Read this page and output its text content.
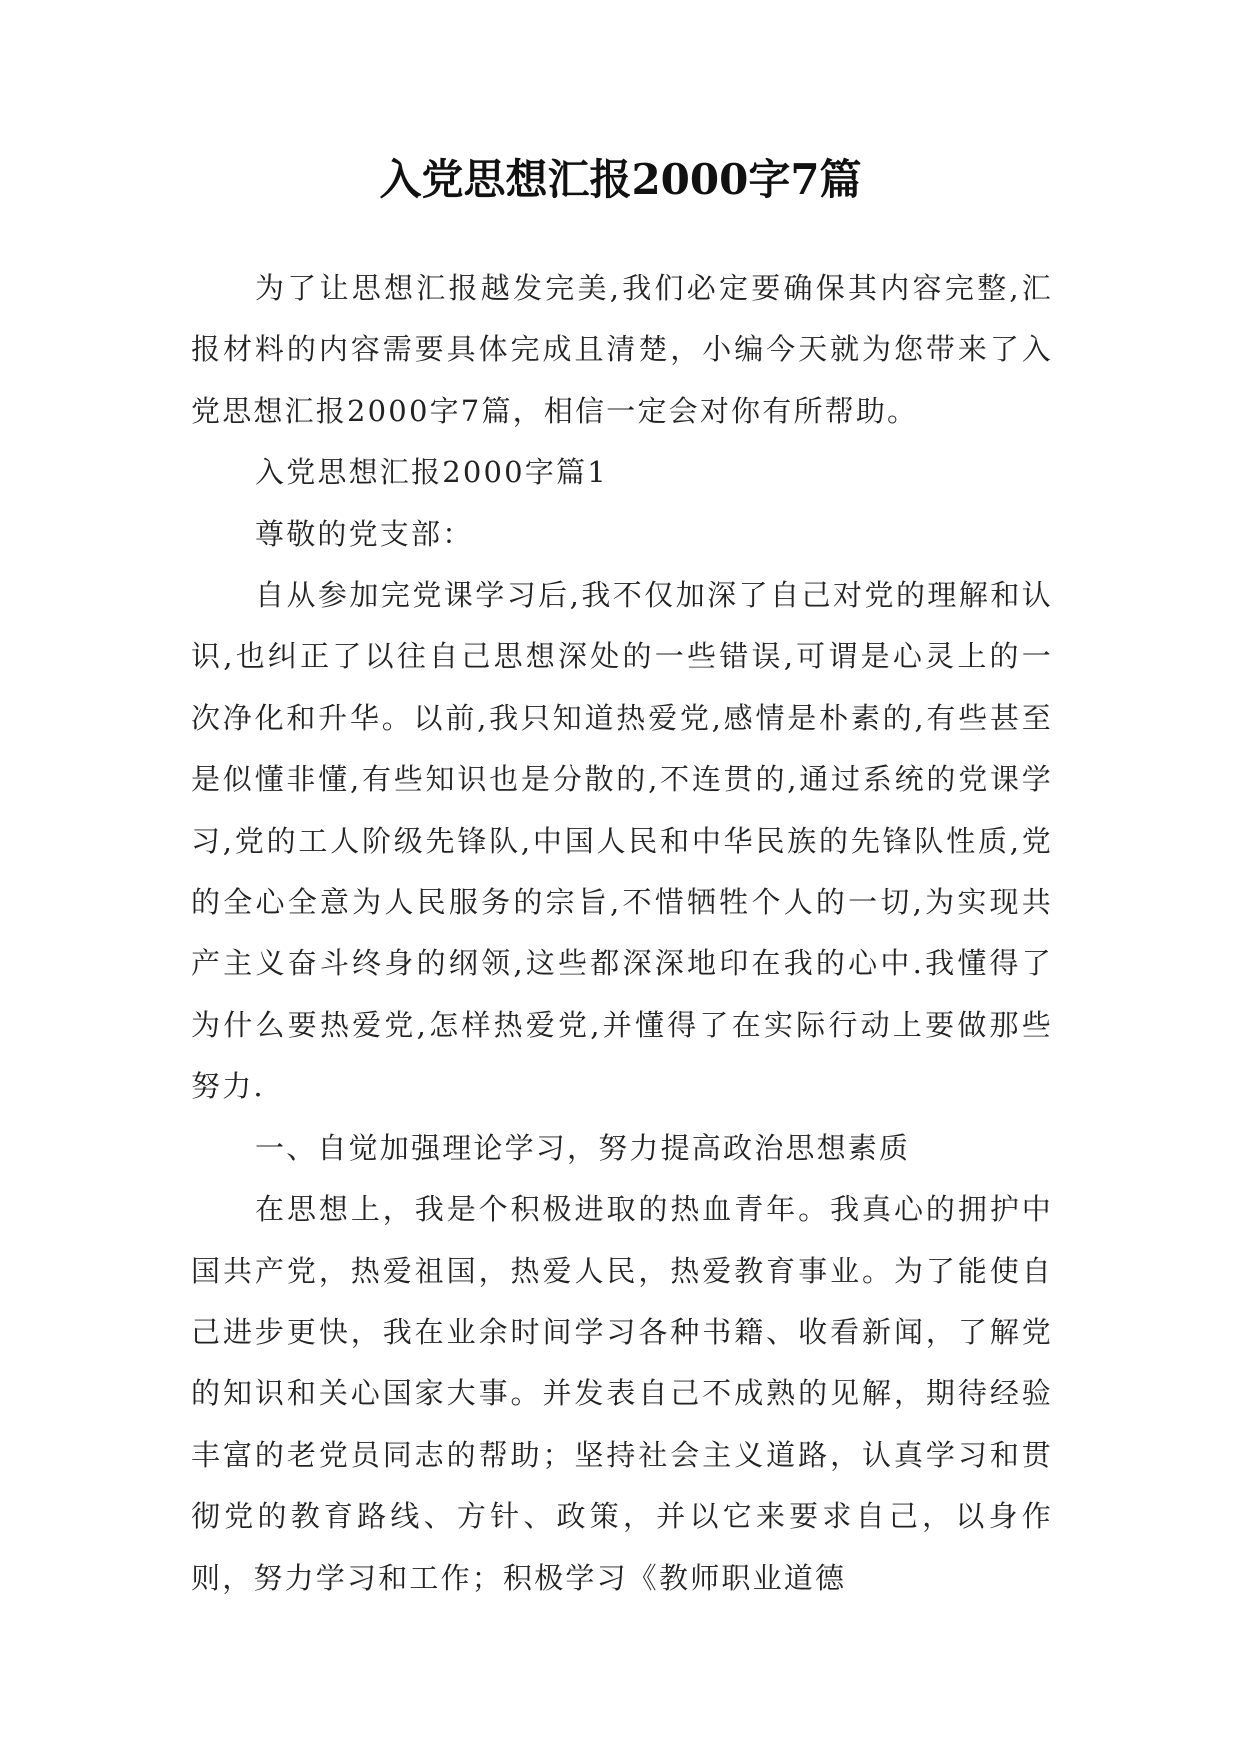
入党思想汇报2000字7篇

为了让思想汇报越发完美,我们必定要确保其内容完整,汇报材料的内容需要具体完成且清楚，小编今天就为您带来了入党思想汇报2000字7篇，相信一定会对你有所帮助。

入党思想汇报2000字篇1

尊敬的党支部：

自从参加完党课学习后,我不仅加深了自己对党的理解和认识,也纠正了以往自己思想深处的一些错误,可谓是心灵上的一次净化和升华。以前,我只知道热爱党,感情是朴素的,有些甚至是似懂非懂,有些知识也是分散的,不连贯的,通过系统的党课学习,党的工人阶级先锋队,中国人民和中华民族的先锋队性质,党的全心全意为人民服务的宗旨,不惜牺牲个人的一切,为实现共产主义奋斗终身的纲领,这些都深深地印在我的心中.我懂得了为什么要热爱党,怎样热爱党,并懂得了在实际行动上要做那些努力.

一、自觉加强理论学习，努力提高政治思想素质

在思想上，我是个积极进取的热血青年。我真心的拥护中国共产党，热爱祖国，热爱人民，热爱教育事业。为了能使自己进步更快，我在业余时间学习各种书籍、收看新闻，了解党的知识和关心国家大事。并发表自己不成熟的见解，期待经验丰富的老党员同志的帮助；坚持社会主义道路，认真学习和贯彻党的教育路线、方针、政策，并以它来要求自己，以身作则，努力学习和工作；积极学习《教师职业道德
